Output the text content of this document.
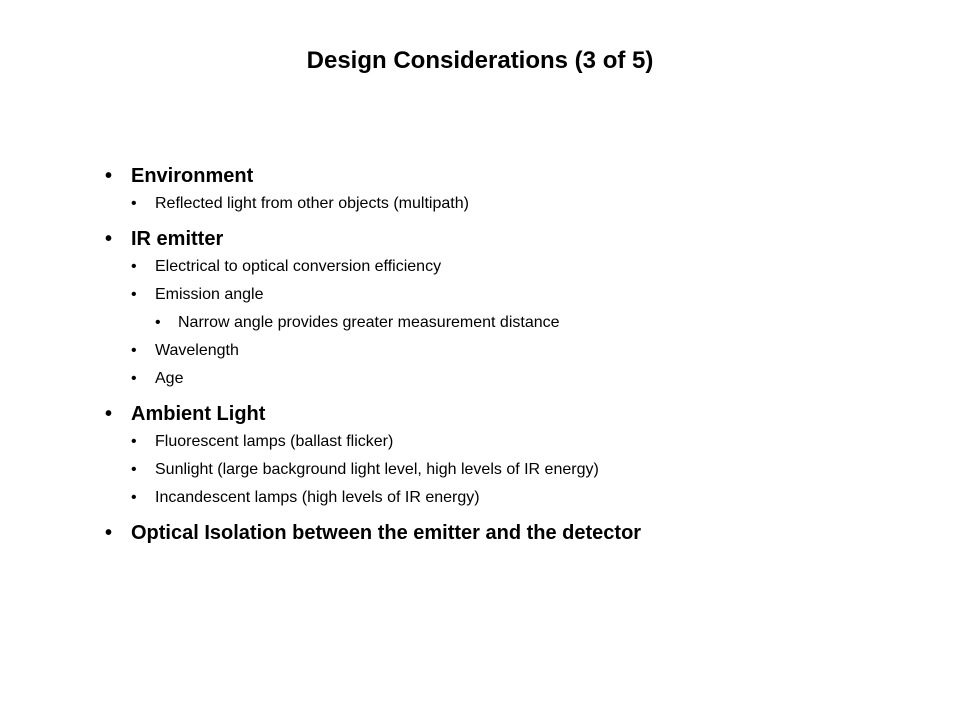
Design Considerations (3 of 5)
• Environment
• Reflected light from other objects (multipath)
• IR emitter
• Electrical to optical conversion efficiency
• Emission angle
• Narrow angle provides greater measurement distance
• Wavelength
• Age
• Ambient Light
• Fluorescent lamps (ballast flicker)
• Sunlight (large background light level, high levels of IR energy)
• Incandescent lamps (high levels of IR energy)
• Optical Isolation between the emitter and the detector
